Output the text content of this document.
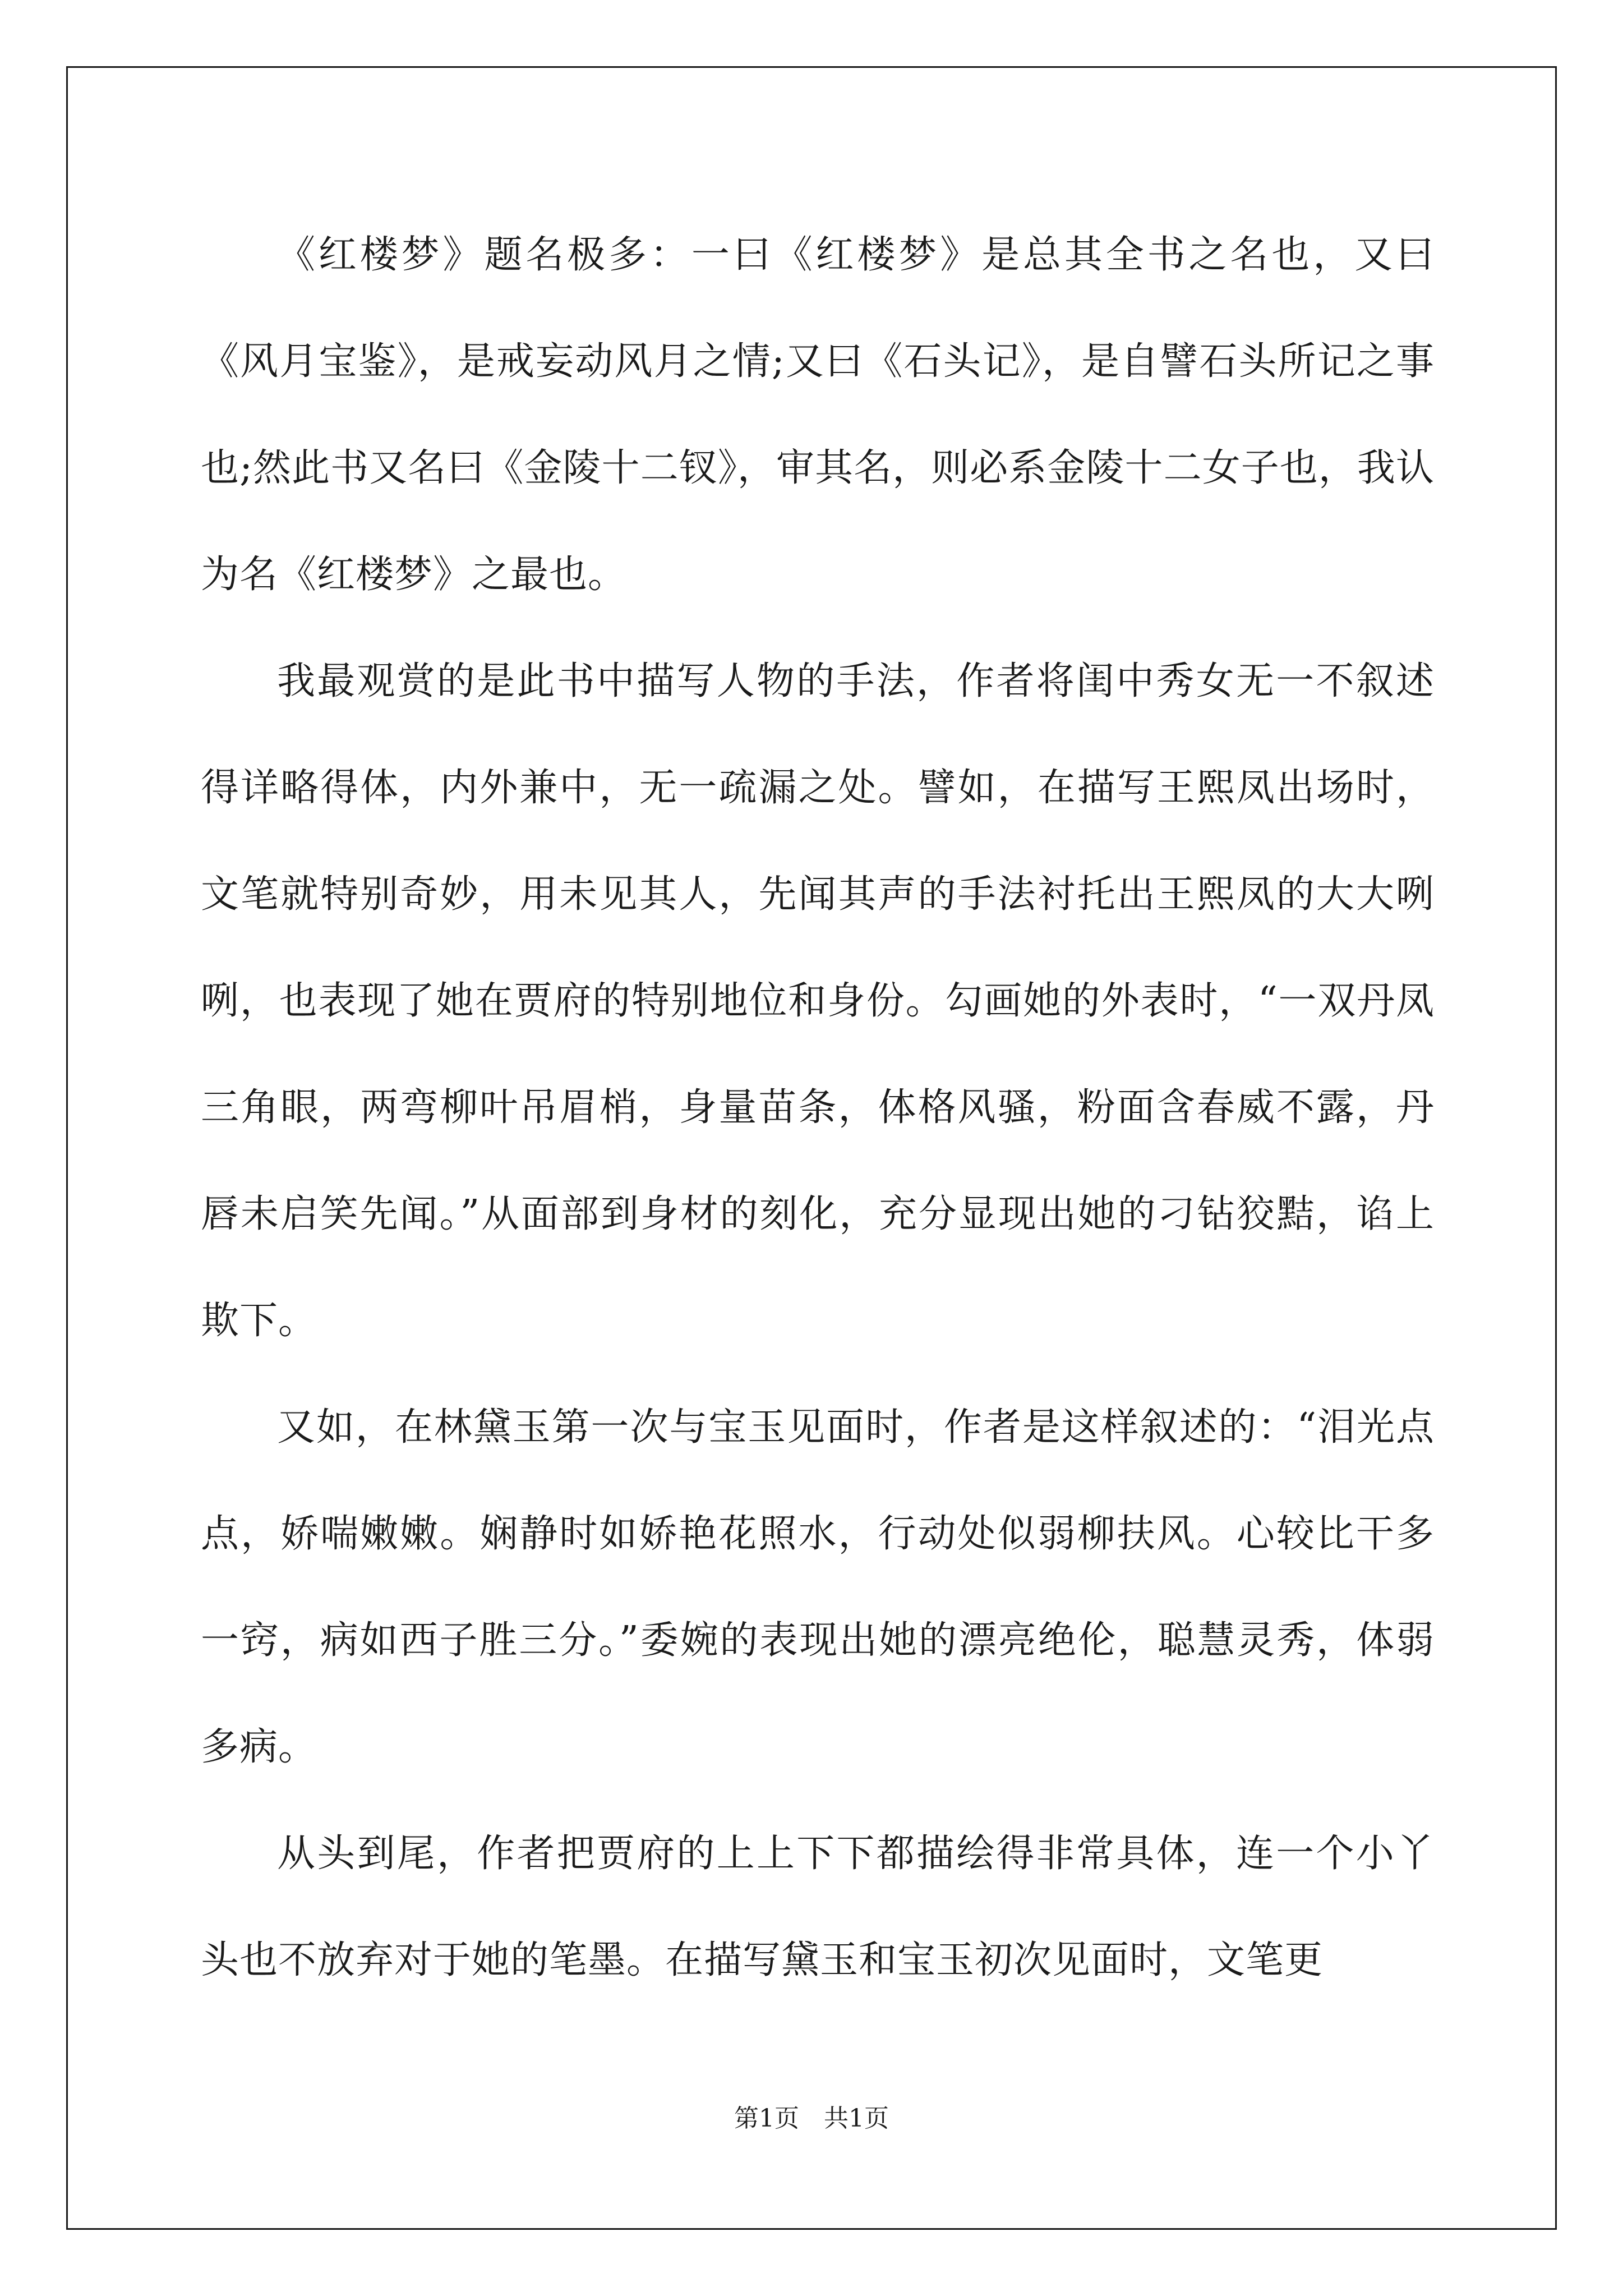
《红楼梦》题名极多：一曰《红楼梦》是总其全书之名也，又曰《风月宝鉴》，是戒妄动风月之情;又曰《石头记》，是自譬石头所记之事也;然此书又名曰《金陵十二钗》，审其名，则必系金陵十二女子也，我认为名《红楼梦》之最也。

我最观赏的是此书中描写人物的手法，作者将闺中秀女无一不叙述得详略得体，内外兼中，无一疏漏之处。譬如，在描写王熙凤出场时，文笔就特别奇妙，用未见其人，先闻其声的手法衬托出王熙凤的大大咧咧，也表现了她在贾府的特别地位和身份。勾画她的外表时，“一双丹凤三角眼，两弯柳叶吊眉梢，身量苗条，体格风骚，粉面含春威不露，丹唇未启笑先闻。”从面部到身材的刻化，充分显现出她的刁钻狡黠，谄上欺下。

又如，在林黛玉第一次与宝玉见面时，作者是这样叙述的：“泪光点点，娇喘嫩嫩。娴静时如娇艳花照水，行动处似弱柳扶风。心较比干多一窍，病如西子胜三分。”委婉的表现出她的漂亮绝伦，聪慧灵秀，体弱多病。

从头到尾，作者把贾府的上上下下都描绘得非常具体，连一个小丫头也不放弃对于她的笔墨。在描写黛玉和宝玉初次见面时，文笔更

第1页 共1页
